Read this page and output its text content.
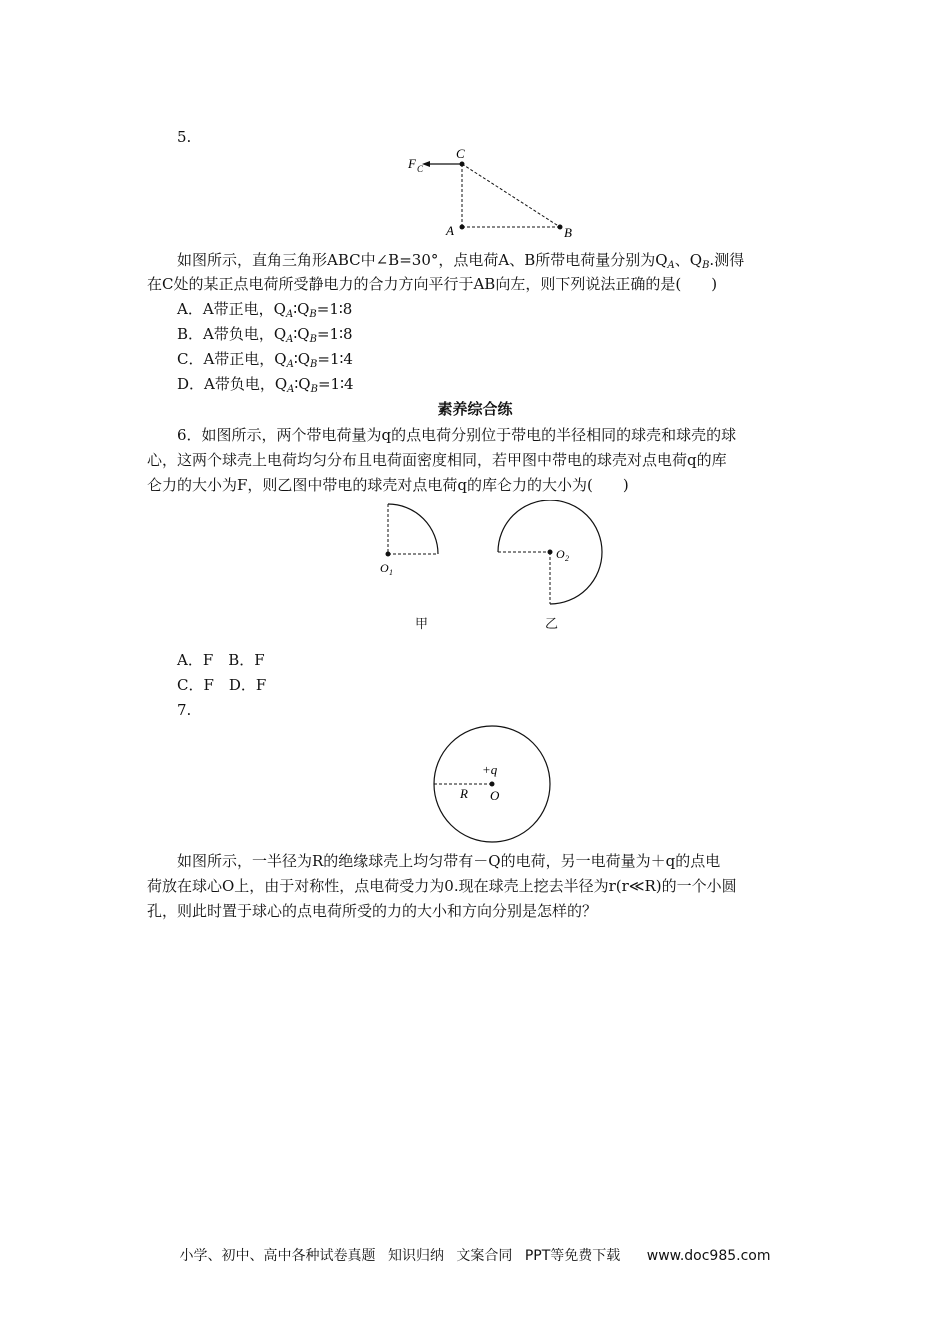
5.
F C
C
A	B
如图所示，直角三角形ABC中∠B=30°，点电荷A、B所带电荷量分别为$Q_A$、$Q_B$.测得
在C处的某正点电荷所受静电力的合力方向平行于AB向左，则下列说法正确的是(　　)
A．A带正电，$Q_A∶Q_B=1∶8$
B．A带负电，$Q_A∶Q_B=1∶8$
C．A带正电，$Q_A∶Q_B=1∶4$
D．A带负电，$Q_A∶Q_B=1∶4$
素养综合练
6．如图所示，两个带电荷量为q的点电荷分别位于带电的半径相同的球壳和球壳的球
心，这两个球壳上电荷均匀分布且电荷面密度相同，若甲图中带电的球壳对点电荷q的库
仑力的大小为F，则乙图中带电的球壳对点电荷q的库仑力的大小为(　　)
O 1
O 2
甲	乙
A．F　B．F
C．F　D．F
7.
+q
R O
如图所示，一半径为R的绝缘球壳上均匀带有－Q的电荷，另一电荷量为＋q的点电
荷放在球心O上，由于对称性，点电荷受力为0.现在球壳上挖去半径为r(r≪R)的一个小圆
孔，则此时置于球心的点电荷所受的力的大小和方向分别是怎样的？
小学、初中、高中各种试卷真题 知识归纳 文案合同 PPT等免费下载 www.doc985.com
